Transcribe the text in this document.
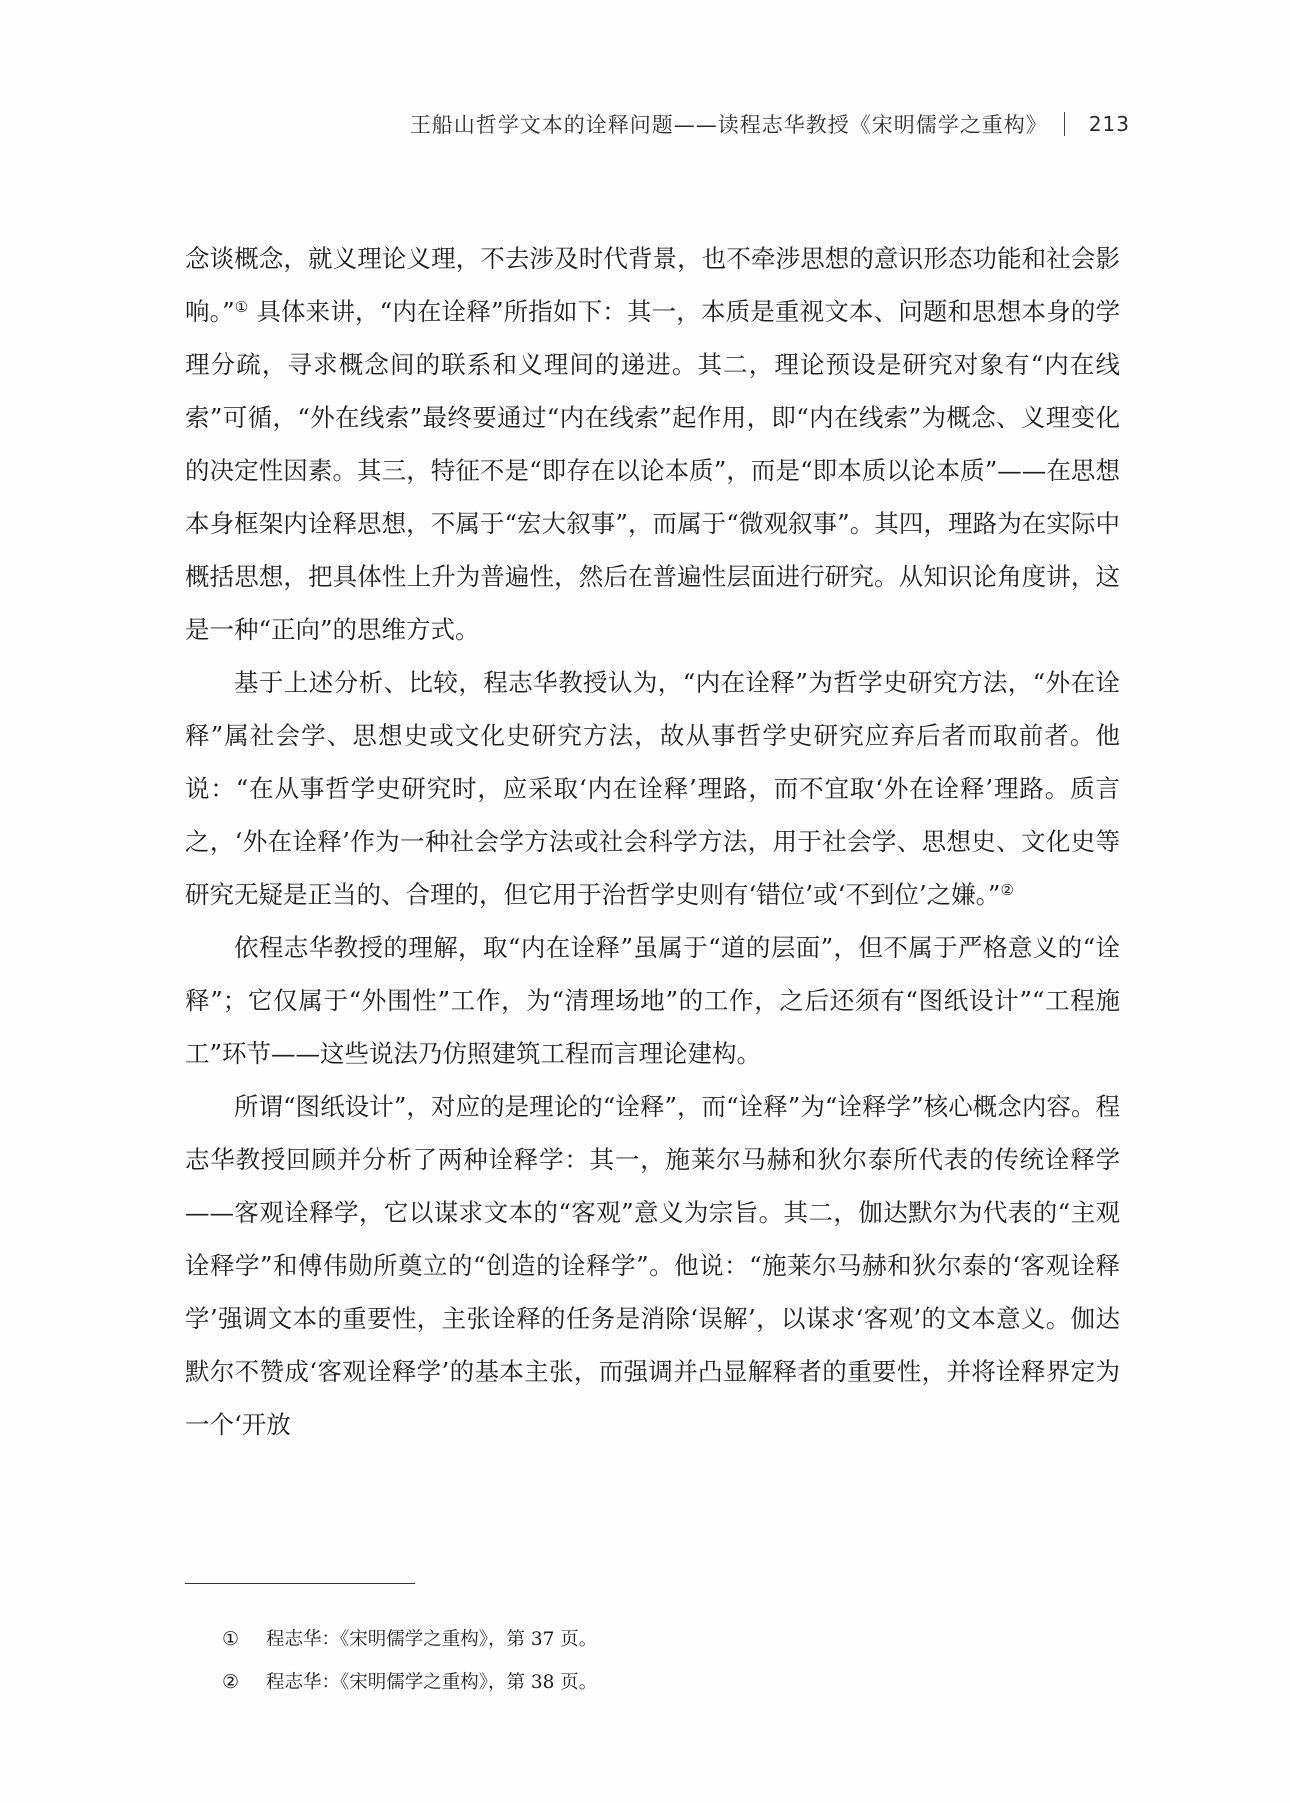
王船山哲学文本的诠释问题——读程志华教授《宋明儒学之重构》 213

念谈概念，就义理论义理，不去涉及时代背景，也不牵涉思想的意识形态功能和社会影响。”① 具体来讲，“内在诠释”所指如下：其一，本质是重视文本、问题和思想本身的学理分疏，寻求概念间的联系和义理间的递进。其二，理论预设是研究对象有“内在线索”可循，“外在线索”最终要通过“内在线索”起作用，即“内在线索”为概念、义理变化的决定性因素。其三，特征不是“即存在以论本质”，而是“即本质以论本质”——在思想本身框架内诠释思想，不属于“宏大叙事”，而属于“微观叙事”。其四，理路为在实际中概括思想，把具体性上升为普遍性，然后在普遍性层面进行研究。从知识论角度讲，这是一种“正向”的思维方式。

基于上述分析、比较，程志华教授认为，“内在诠释”为哲学史研究方法，“外在诠释”属社会学、思想史或文化史研究方法，故从事哲学史研究应弃后者而取前者。他说：“在从事哲学史研究时，应采取‘内在诠释’理路，而不宜取‘外在诠释’理路。质言之，‘外在诠释’作为一种社会学方法或社会科学方法，用于社会学、思想史、文化史等研究无疑是正当的、合理的，但它用于治哲学史则有‘错位’或‘不到位’之嫌。”②

依程志华教授的理解，取“内在诠释”虽属于“道的层面”，但不属于严格意义的“诠释”；它仅属于“外围性”工作，为“清理场地”的工作，之后还须有“图纸设计”“工程施工”环节——这些说法乃仿照建筑工程而言理论建构。

所谓“图纸设计”，对应的是理论的“诠释”，而“诠释”为“诠释学”核心概念内容。程志华教授回顾并分析了两种诠释学：其一，施莱尔马赫和狄尔泰所代表的传统诠释学——客观诠释学，它以谋求文本的“客观”意义为宗旨。其二，伽达默尔为代表的“主观诠释学”和傅伟勋所奠立的“创造的诠释学”。他说：“施莱尔马赫和狄尔泰的‘客观诠释学’强调文本的重要性，主张诠释的任务是消除‘误解’，以谋求‘客观’的文本意义。伽达默尔不赞成‘客观诠释学’的基本主张，而强调并凸显解释者的重要性，并将诠释界定为一个‘开放

①	程志华：《宋明儒学之重构》，第 37 页。
②	程志华：《宋明儒学之重构》，第 38 页。
